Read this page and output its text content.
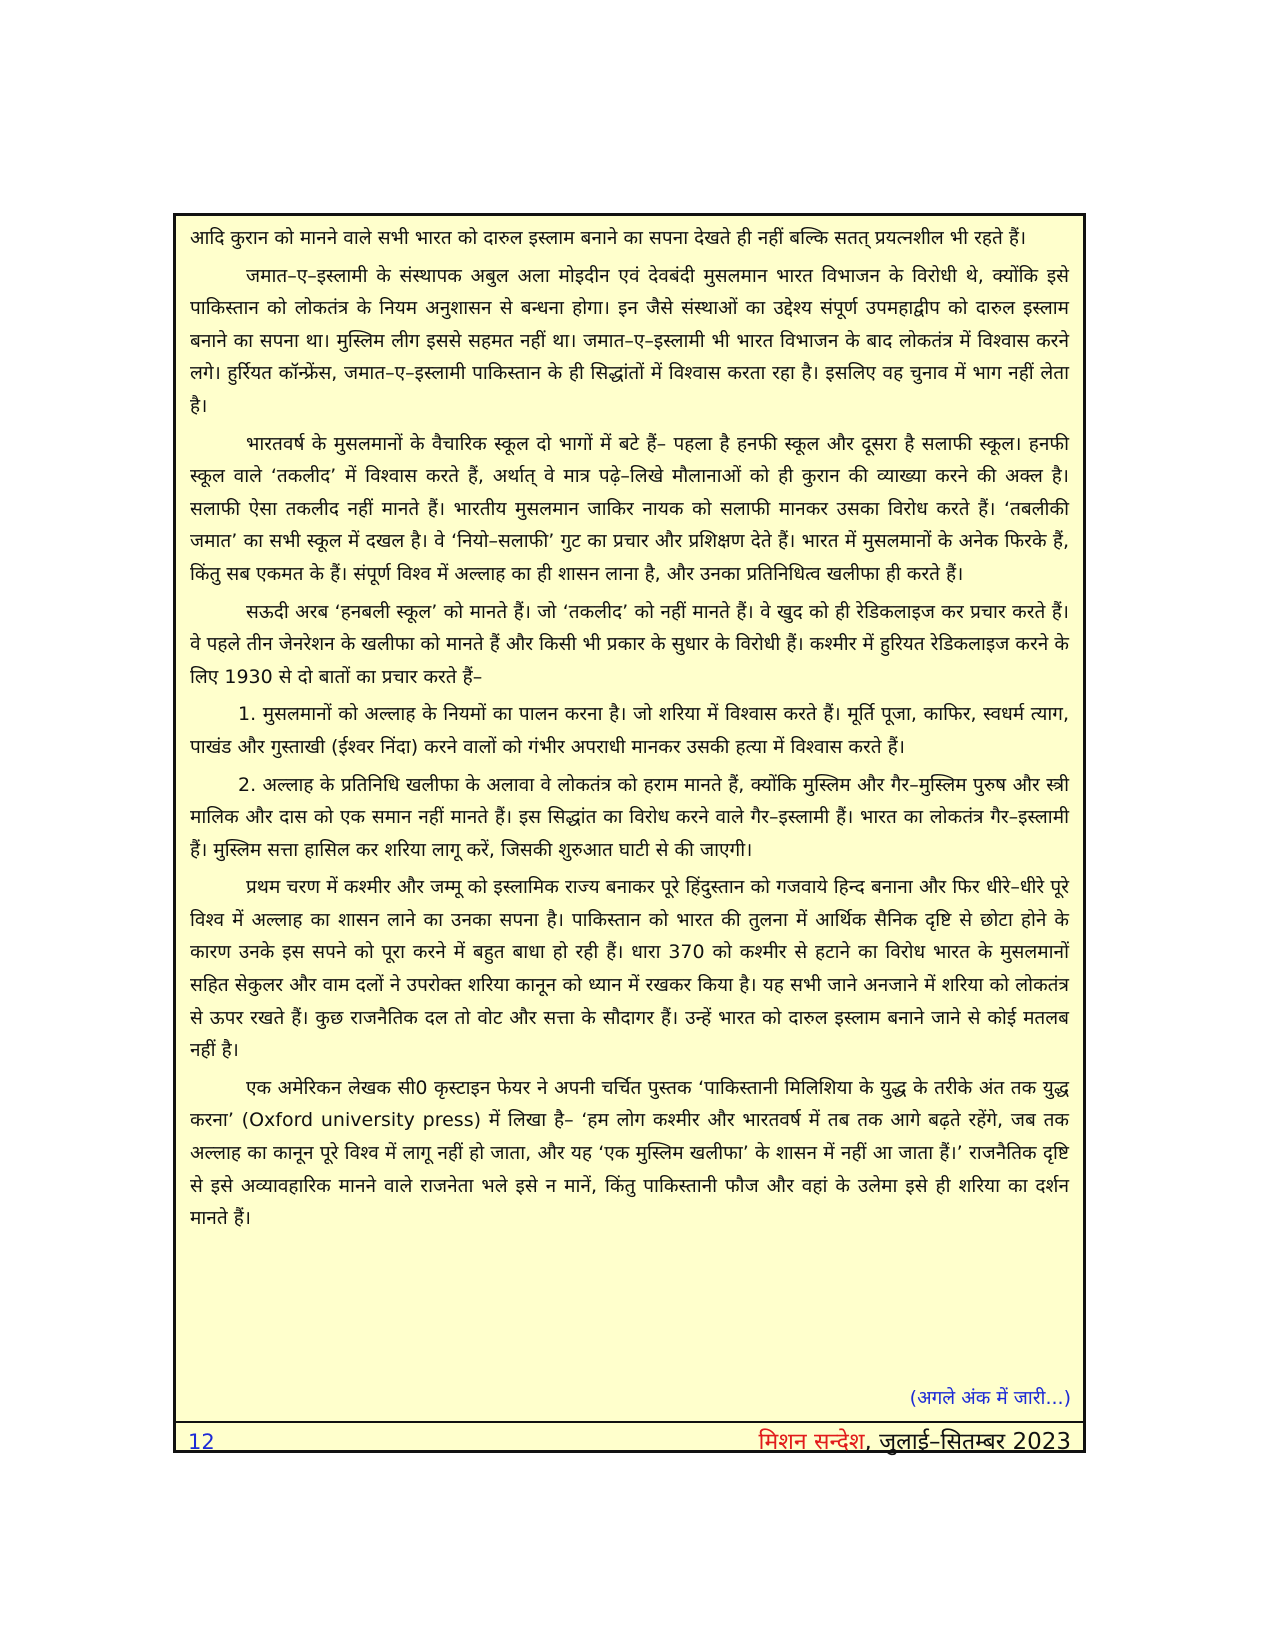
आदि कुरान को मानने वाले सभी भारत को दारुल इस्लाम बनाने का सपना देखते ही नहीं बल्कि सतत् प्रयत्नशील भी रहते हैं।

जमात–ए–इस्लामी के संस्थापक अबुल अला मोइदीन एवं देवबंदी मुसलमान भारत विभाजन के विरोधी थे, क्योंकि इसे पाकिस्तान को लोकतंत्र के नियम अनुशासन से बन्धना होगा। इन जैसे संस्थाओं का उद्देश्य संपूर्ण उपमहाद्वीप को दारुल इस्लाम बनाने का सपना था। मुस्लिम लीग इससे सहमत नहीं था। जमात–ए–इस्लामी भी भारत विभाजन के बाद लोकतंत्र में विश्वास करने लगे। हुर्रियत कॉन्फ्रेंस, जमात–ए–इस्लामी पाकिस्तान के ही सिद्धांतों में विश्वास करता रहा है। इसलिए वह चुनाव में भाग नहीं लेता है।

भारतवर्ष के मुसलमानों के वैचारिक स्कूल दो भागों में बटे हैं– पहला है हनफी स्कूल और दूसरा है सलाफी स्कूल। हनफी स्कूल वाले ‘तकलीद’ में विश्वास करते हैं, अर्थात् वे मात्र पढ़े–लिखे मौलानाओं को ही कुरान की व्याख्या करने की अक्ल है। सलाफी ऐसा तकलीद नहीं मानते हैं। भारतीय मुसलमान जाकिर नायक को सलाफी मानकर उसका विरोध करते हैं। ‘तबलीकी जमात’ का सभी स्कूल में दखल है। वे ‘नियो–सलाफी’ गुट का प्रचार और प्रशिक्षण देते हैं। भारत में मुसलमानों के अनेक फिरके हैं, किंतु सब एकमत के हैं। संपूर्ण विश्व में अल्लाह का ही शासन लाना है, और उनका प्रतिनिधित्व खलीफा ही करते हैं।

सऊदी अरब ‘हनबली स्कूल’ को मानते हैं। जो ‘तकलीद’ को नहीं मानते हैं। वे खुद को ही रेडिकलाइज कर प्रचार करते हैं। वे पहले तीन जेनरेशन के खलीफा को मानते हैं और किसी भी प्रकार के सुधार के विरोधी हैं। कश्मीर में हुरियत रेडिकलाइज करने के लिए 1930 से दो बातों का प्रचार करते हैं–

1. मुसलमानों को अल्लाह के नियमों का पालन करना है। जो शरिया में विश्वास करते हैं। मूर्ति पूजा, काफिर, स्वधर्म त्याग, पाखंड और गुस्ताखी (ईश्वर निंदा) करने वालों को गंभीर अपराधी मानकर उसकी हत्या में विश्वास करते हैं।

2. अल्लाह के प्रतिनिधि खलीफा के अलावा वे लोकतंत्र को हराम मानते हैं, क्योंकि मुस्लिम और गैर–मुस्लिम पुरुष और स्त्री मालिक और दास को एक समान नहीं मानते हैं। इस सिद्धांत का विरोध करने वाले गैर–इस्लामी हैं। भारत का लोकतंत्र गैर–इस्लामी हैं। मुस्लिम सत्ता हासिल कर शरिया लागू करें, जिसकी शुरुआत घाटी से की जाएगी।

प्रथम चरण में कश्मीर और जम्मू को इस्लामिक राज्य बनाकर पूरे हिंदुस्तान को गजवाये हिन्द बनाना और फिर धीरे–धीरे पूरे विश्व में अल्लाह का शासन लाने का उनका सपना है। पाकिस्तान को भारत की तुलना में आर्थिक सैनिक दृष्टि से छोटा होने के कारण उनके इस सपने को पूरा करने में बहुत बाधा हो रही हैं। धारा 370 को कश्मीर से हटाने का विरोध भारत के मुसलमानों सहित सेकुलर और वाम दलों ने उपरोक्त शरिया कानून को ध्यान में रखकर किया है। यह सभी जाने अनजाने में शरिया को लोकतंत्र से ऊपर रखते हैं। कुछ राजनैतिक दल तो वोट और सत्ता के सौदागर हैं। उन्हें भारत को दारुल इस्लाम बनाने जाने से कोई मतलब नहीं है।

एक अमेरिकन लेखक सी0 कृस्टाइन फेयर ने अपनी चर्चित पुस्तक ‘पाकिस्तानी मिलिशिया के युद्ध के तरीके अंत तक युद्ध करना’ (Oxford university press) में लिखा है– ‘हम लोग कश्मीर और भारतवर्ष में तब तक आगे बढ़ते रहेंगे, जब तक अल्लाह का कानून पूरे विश्व में लागू नहीं हो जाता, और यह ‘एक मुस्लिम खलीफा’ के शासन में नहीं आ जाता हैं।’ राजनैतिक दृष्टि से इसे अव्यावहारिक मानने वाले राजनेता भले इसे न मानें, किंतु पाकिस्तानी फौज और वहां के उलेमा इसे ही शरिया का दर्शन मानते हैं।

(अगले अंक में जारी...)
12	मिशन सन्देश, जुलाई–सितम्बर 2023
